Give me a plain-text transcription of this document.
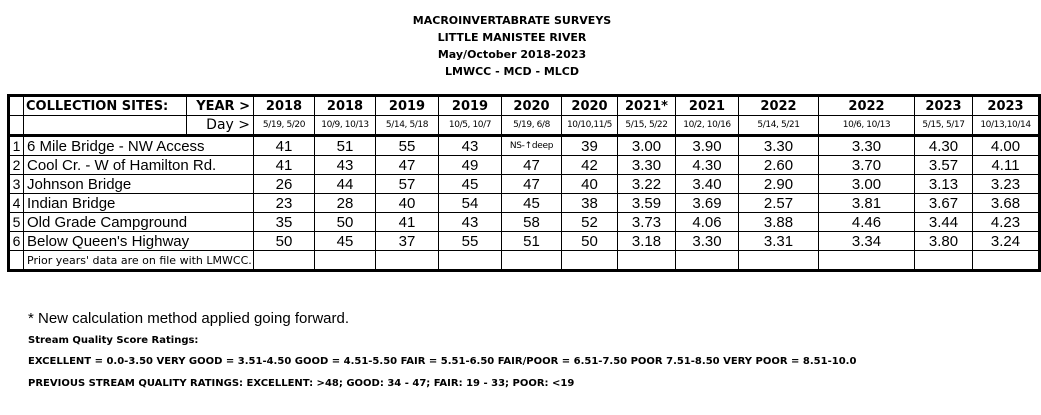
MACROINVERTABRATE SURVEYS
LITTLE MANISTEE RIVER
May/October 2018-2023
LMWCC - MCD - MLCD
	COLLECTION SITES:	YEAR >	2018	2018	2019	2019	2020	2020	2021*	2021	2022	2022	2023	2023
		Day >	5/19, 5/20	10/9, 10/13	5/14, 5/18	10/5, 10/7	5/19, 6/8	10/10,11/5	5/15, 5/22	10/2, 10/16	5/14, 5/21	10/6, 10/13	5/15, 5/17	10/13,10/14
1	6 Mile Bridge - NW Access		41	51	55	43	NS-↑deep	39	3.00	3.90	3.30	3.30	4.30	4.00
2	Cool Cr. - W of Hamilton Rd.		41	43	47	49	47	42	3.30	4.30	2.60	3.70	3.57	4.11
3	Johnson Bridge		26	44	57	45	47	40	3.22	3.40	2.90	3.00	3.13	3.23
4	Indian Bridge		23	28	40	54	45	38	3.59	3.69	2.57	3.81	3.67	3.68
5	Old Grade Campground		35	50	41	43	58	52	3.73	4.06	3.88	4.46	3.44	4.23
6	Below Queen's Highway		50	45	37	55	51	50	3.18	3.30	3.31	3.34	3.80	3.24
	Prior years' data are on file with LMWCC.													
* New calculation method applied going forward.
Stream Quality Score Ratings:
EXCELLENT = 0.0-3.50 VERY GOOD = 3.51-4.50 GOOD = 4.51-5.50 FAIR = 5.51-6.50 FAIR/POOR = 6.51-7.50 POOR 7.51-8.50 VERY POOR = 8.51-10.0
PREVIOUS STREAM QUALITY RATINGS: EXCELLENT: >48; GOOD: 34 - 47; FAIR: 19 - 33; POOR: <19
